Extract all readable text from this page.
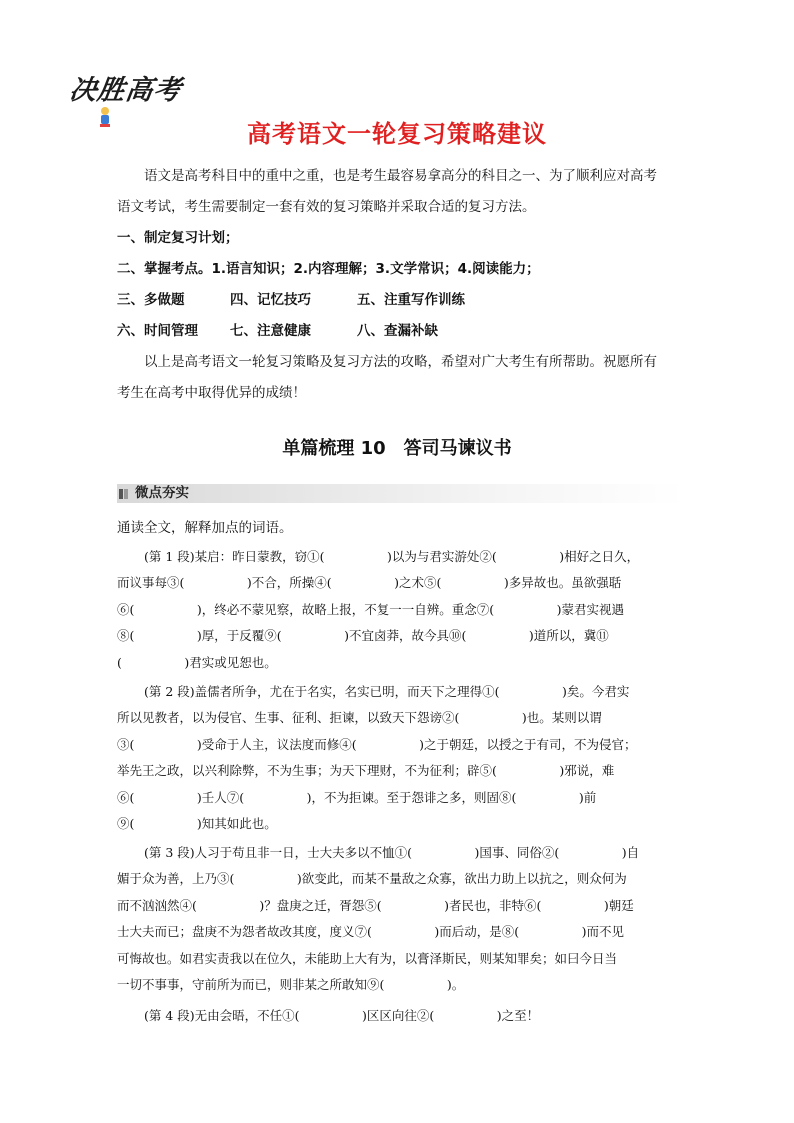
决胜高考
高考语文一轮复习策略建议
语文是高考科目中的重中之重，也是考生最容易拿高分的科目之一、为了顺利应对高考
语文考试，考生需要制定一套有效的复习策略并采取合适的复习方法。
一、制定复习计划；
二、掌握考点。1.语言知识；2.内容理解；3.文学常识；4.阅读能力；
三、多做题	四、记忆技巧	五、注重写作训练
六、时间管理 七、注意健康	八、查漏补缺
以上是高考语文一轮复习策略及复习方法的攻略，希望对广大考生有所帮助。祝愿所有
考生在高考中取得优异的成绩！
单篇梳理 10　答司马谏议书
微点夯实
通读全文，解释加点的词语。
(第 1 段)某启：昨日蒙教，窃①(　　　　　)以为与君实游处②(　　　　　)相好之日久，
而议事每③(　　　　　)不合，所操④(　　　　　)之术⑤(　　　　　)多异故也。虽欲强聒
⑥(　　　　　)，终必不蒙见察，故略上报，不复一一自辨。重念⑦(　　　　　)蒙君实视遇
⑧(　　　　　)厚，于反覆⑨(　　　　　)不宜卤莽，故今具⑩(　　　　　)道所以，冀⑪
(　　　　　)君实或见恕也。
(第 2 段)盖儒者所争，尤在于名实，名实已明，而天下之理得①(　　　　　)矣。今君实
所以见教者，以为侵官、生事、征利、拒谏，以致天下怨谤②(　　　　　)也。某则以谓
③(　　　　　)受命于人主，议法度而修④(　　　　　)之于朝廷，以授之于有司，不为侵官；
举先王之政，以兴利除弊，不为生事；为天下理财，不为征利；辟⑤(　　　　　)邪说，难
⑥(　　　　　)壬人⑦(　　　　　)，不为拒谏。至于怨诽之多，则固⑧(　　　　　)前
⑨(　　　　　)知其如此也。
(第 3 段)人习于苟且非一日，士大夫多以不恤①(　　　　　)国事、同俗②(　　　　　)自
媚于众为善，上乃③(　　　　　)欲变此，而某不量敌之众寡，欲出力助上以抗之，则众何为
而不汹汹然④(　　　　　)？盘庚之迁，胥怨⑤(　　　　　)者民也，非特⑥(　　　　　)朝廷
士大夫而已；盘庚不为怨者故改其度，度义⑦(　　　　　)而后动，是⑧(　　　　　)而不见
可悔故也。如君实责我以在位久，未能助上大有为，以膏泽斯民，则某知罪矣；如曰今日当
一切不事事，守前所为而已，则非某之所敢知⑨(　　　　　)。
(第 4 段)无由会晤，不任①(　　　　　)区区向往②(　　　　　)之至！
